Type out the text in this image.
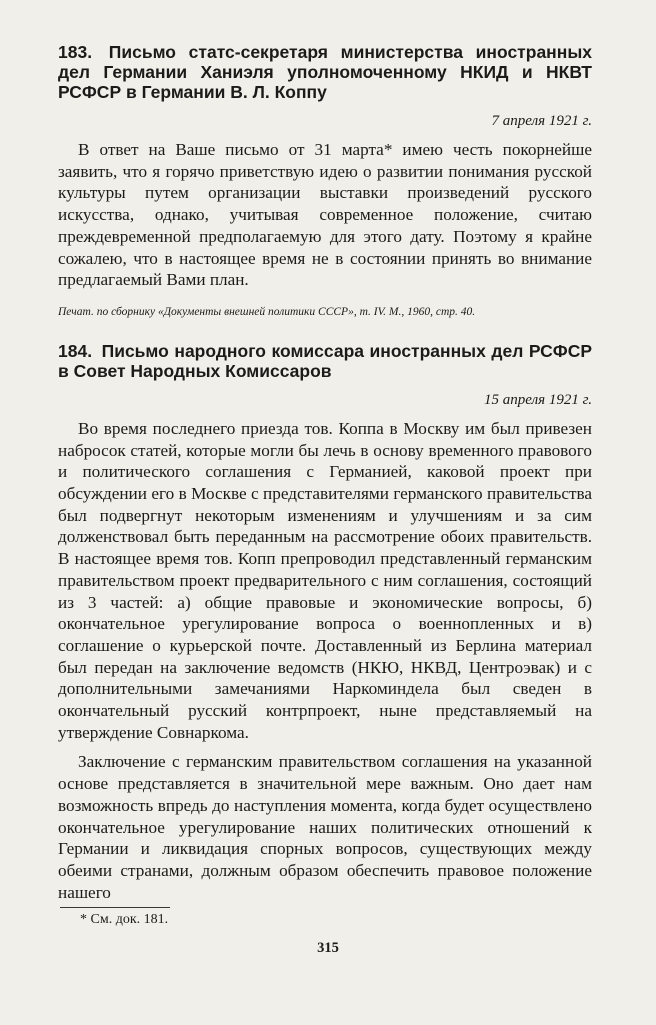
183. Письмо статс-секретаря министерства иностранных дел Германии Ханиэля уполномоченному НКИД и НКВТ РСФСР в Германии В. Л. Коппу
7 апреля 1921 г.

В ответ на Ваше письмо от 31 марта* имею честь покорнейше заявить, что я горячо приветствую идею о развитии понимания русской культуры путем организации выставки произведений русского искусства, однако, учитывая современное положение, считаю преждевременной предполагаемую для этого дату. Поэтому я крайне сожалею, что в настоящее время не в состоянии принять во внимание предлагаемый Вами план.

Печат. по сборнику «Документы внешней политики СССР», т. IV. М., 1960, стр. 40.
184. Письмо народного комиссара иностранных дел РСФСР в Совет Народных Комиссаров
15 апреля 1921 г.

Во время последнего приезда тов. Коппа в Москву им был привезен набросок статей, которые могли бы лечь в основу временного правового и политического соглашения с Германией, каковой проект при обсуждении его в Москве с представителями германского правительства был подвергнут некоторым изменениям и улучшениям и за сим долженствовал быть переданным на рассмотрение обоих правительств. В настоящее время тов. Копп препроводил представленный германским правительством проект предварительного с ним соглашения, состоящий из 3 частей: а) общие правовые и экономические вопросы, б) окончательное урегулирование вопроса о военнопленных и в) соглашение о курьерской почте. Доставленный из Берлина материал был передан на заключение ведомств (НКЮ, НКВД, Центроэвак) и с дополнительными замечаниями Наркоминдела был сведен в окончательный русский контрпроект, ныне представляемый на утверждение Совнаркома.

Заключение с германским правительством соглашения на указанной основе представляется в значительной мере важным. Оно дает нам возможность впредь до наступления момента, когда будет осуществлено окончательное урегулирование наших политических отношений к Германии и ликвидация спорных вопросов, существующих между обеими странами, должным образом обеспечить правовое положение нашего

* См. док. 181.
315
